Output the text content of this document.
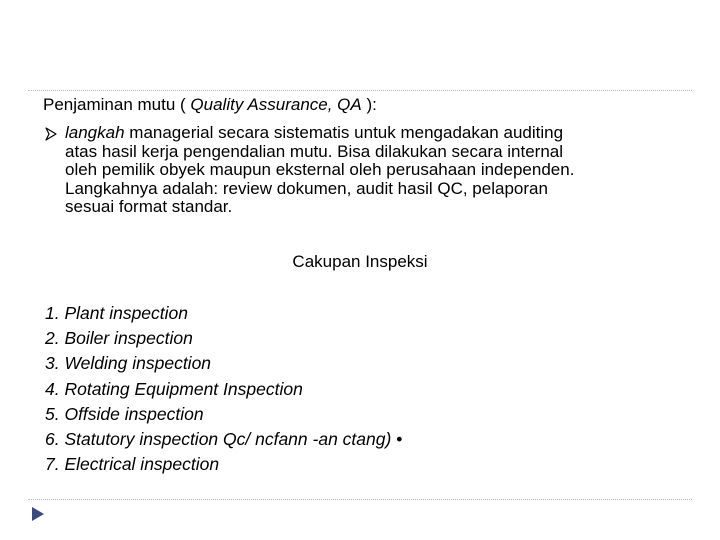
Penjaminan mutu ( Quality Assurance, QA ):
langkah managerial secara sistematis untuk mengadakan auditing
atas hasil kerja pengendalian mutu. Bisa dilakukan secara internal
oleh pemilik obyek maupun eksternal oleh perusahaan independen.
Langkahnya adalah: review dokumen, audit hasil QC, pelaporan
sesuai format standar.
Cakupan Inspeksi
1. Plant inspection
2. Boiler inspection
3. Welding inspection
4. Rotating Equipment Inspection
5. Offside inspection
6. Statutory inspection Qc/ ncfann -an ctang) •
7. Electrical inspection
